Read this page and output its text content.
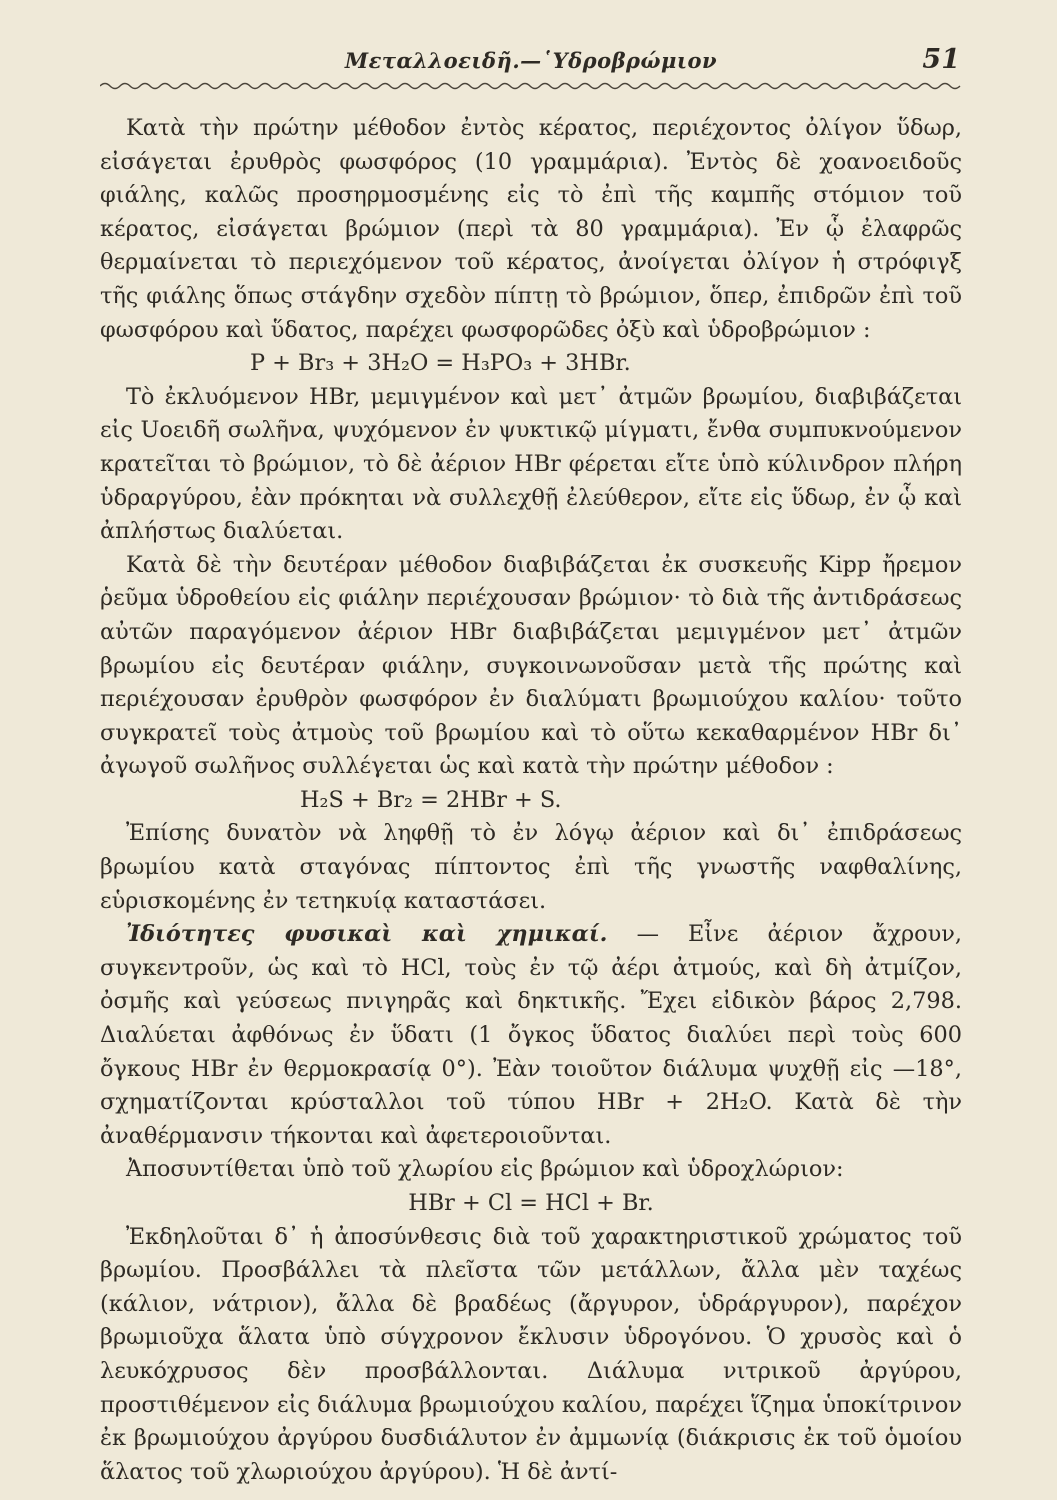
Μεταλλοειδῆ.—῾Υδροβρώμιον	51

Κατὰ τὴν πρώτην μέθοδον ἐντὸς κέρατος, περιέχοντος ὀλίγον ὕδωρ, εἰσάγεται ἐρυθρὸς φωσφόρος (10 γραμμάρια). Ἐντὸς δὲ χοανοειδοῦς φιάλης, καλῶς προσηρμοσμένης εἰς τὸ ἐπὶ τῆς καμπῆς στόμιον τοῦ κέρατος, εἰσάγεται βρώμιον (περὶ τὰ 80 γραμμάρια). Ἐν ᾧ ἐλαφρῶς θερμαίνεται τὸ περιεχόμενον τοῦ κέρατος, ἀνοίγεται ὀλίγον ἡ στρόφιγξ τῆς φιάλης ὅπως στάγδην σχεδὸν πίπτῃ τὸ βρώμιον, ὅπερ, ἐπιδρῶν ἐπὶ τοῦ φωσφόρου καὶ ὕδατος, παρέχει φωσφορῶδες ὀξὺ καὶ ὑδροβρώμιον :

P + Br₃ + 3H₂O = H₃PO₃ + 3HBr.

Τὸ ἐκλυόμενον HBr, μεμιγμένον καὶ μετ᾽ ἀτμῶν βρωμίου, διαβιβάζεται εἰς Uοειδῆ σωλῆνα, ψυχόμενον ἐν ψυκτικῷ μίγματι, ἔνθα συμπυκνούμενον κρατεῖται τὸ βρώμιον, τὸ δὲ ἀέριον HBr φέρεται εἴτε ὑπὸ κύλινδρον πλήρη ὑδραργύρου, ἐὰν πρόκηται νὰ συλλεχθῇ ἐλεύθερον, εἴτε εἰς ὕδωρ, ἐν ᾧ καὶ ἀπλήστως διαλύεται.

Κατὰ δὲ τὴν δευτέραν μέθοδον διαβιβάζεται ἐκ συσκευῆς Kipp ἤρεμον ῥεῦμα ὑδροθείου εἰς φιάλην περιέχουσαν βρώμιον· τὸ διὰ τῆς ἀντιδράσεως αὐτῶν παραγόμενον ἀέριον HBr διαβιβάζεται μεμιγμένον μετ᾽ ἀτμῶν βρωμίου εἰς δευτέραν φιάλην, συγκοινωνοῦσαν μετὰ τῆς πρώτης καὶ περιέχουσαν ἐρυθρὸν φωσφόρον ἐν διαλύματι βρωμιούχου καλίου· τοῦτο συγκρατεῖ τοὺς ἀτμοὺς τοῦ βρωμίου καὶ τὸ οὕτω κεκαθαρμένον HBr δι᾽ ἀγωγοῦ σωλῆνος συλλέγεται ὡς καὶ κατὰ τὴν πρώτην μέθοδον :

H₂S + Br₂ = 2HBr + S.

Ἐπίσης δυνατὸν νὰ ληφθῇ τὸ ἐν λόγῳ ἀέριον καὶ δι᾽ ἐπιδράσεως βρωμίου κατὰ σταγόνας πίπτοντος ἐπὶ τῆς γνωστῆς ναφθαλίνης, εὑρισκομένης ἐν τετηκυίᾳ καταστάσει.

Ἰδιότητες φυσικαὶ καὶ χημικαί. — Εἶνε ἀέριον ἄχρουν, συγκεντροῦν, ὡς καὶ τὸ HCl, τοὺς ἐν τῷ ἀέρι ἀτμούς, καὶ δὴ ἀτμίζον, ὀσμῆς καὶ γεύσεως πνιγηρᾶς καὶ δηκτικῆς. Ἔχει εἰδικὸν βάρος 2,798. Διαλύεται ἀφθόνως ἐν ὕδατι (1 ὄγκος ὕδατος διαλύει περὶ τοὺς 600 ὄγκους HBr ἐν θερμοκρασίᾳ 0°). Ἐὰν τοιοῦτον διάλυμα ψυχθῇ εἰς —18°, σχηματίζονται κρύσταλλοι τοῦ τύπου HBr + 2H₂O. Κατὰ δὲ τὴν ἀναθέρμανσιν τήκονται καὶ ἀφετεροιοῦνται.

Ἀποσυντίθεται ὑπὸ τοῦ χλωρίου εἰς βρώμιον καὶ ὑδροχλώριον:

HBr + Cl = HCl + Br.

Ἐκδηλοῦται δ᾽ ἡ ἀποσύνθεσις διὰ τοῦ χαρακτηριστικοῦ χρώματος τοῦ βρωμίου. Προσβάλλει τὰ πλεῖστα τῶν μετάλλων, ἄλλα μὲν ταχέως (κάλιον, νάτριον), ἄλλα δὲ βραδέως (ἄργυρον, ὑδράργυρον), παρέχον βρωμιοῦχα ἅλατα ὑπὸ σύγχρονον ἔκλυσιν ὑδρογόνου. Ὁ χρυσὸς καὶ ὁ λευκόχρυσος δὲν προσβάλλονται. Διάλυμα νιτρικοῦ ἀργύρου, προστιθέμενον εἰς διάλυμα βρωμιούχου καλίου, παρέχει ἵζημα ὑποκίτρινον ἐκ βρωμιούχου ἀργύρου δυσδιάλυτον ἐν ἀμμωνίᾳ (διάκρισις ἐκ τοῦ ὁμοίου ἅλατος τοῦ χλωριούχου ἀργύρου). Ἡ δὲ ἀντί-
